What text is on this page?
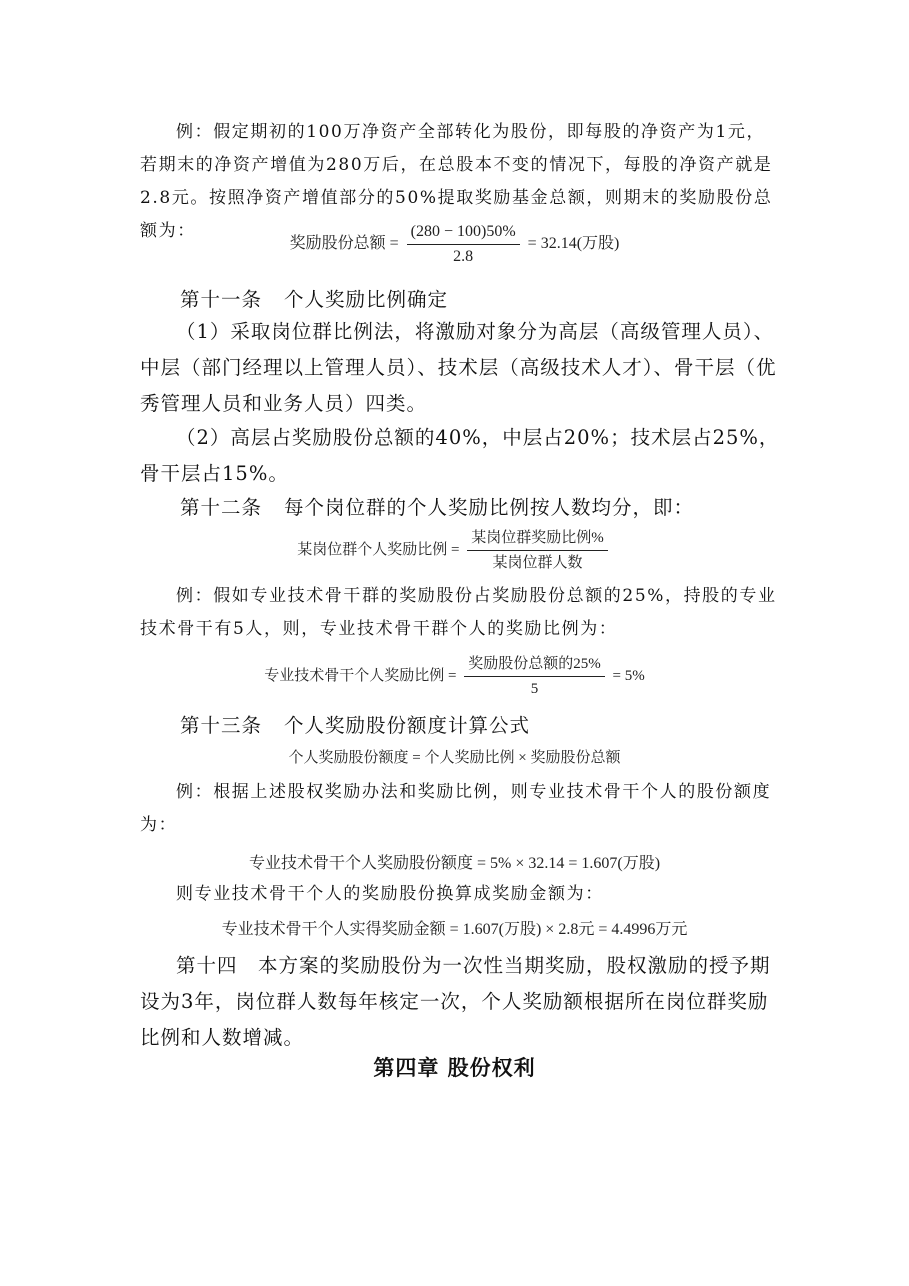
例：假定期初的100万净资产全部转化为股份，即每股的净资产为1元，若期末的净资产增值为280万后，在总股本不变的情况下，每股的净资产就是2.8元。按照净资产增值部分的50%提取奖励基金总额，则期末的奖励股份总额为：

奖励股份总额 = $\frac{(280 - 100)50\%}{2.8} = 32.14$(万股)

第十一条 个人奖励比例确定

（1）采取岗位群比例法，将激励对象分为高层（高级管理人员）、中层（部门经理以上管理人员）、技术层（高级技术人才）、骨干层（优秀管理人员和业务人员）四类。

（2）高层占奖励股份总额的40%，中层占20%；技术层占25%，骨干层占15%。

第十二条 每个岗位群的个人奖励比例按人数均分，即：

某岗位群个人奖励比例 = $\frac{\text{某岗位群奖励比例\%}}{\text{某岗位群人数}}$

例：假如专业技术骨干群的奖励股份占奖励股份总额的25%，持股的专业技术骨干有5人，则，专业技术骨干群个人的奖励比例为：

专业技术骨干个人奖励比例 = $\frac{\text{奖励股份总额的25\%}}{5} = 5\%$

第十三条 个人奖励股份额度计算公式

个人奖励股份额度 = 个人奖励比例 × 奖励股份总额

例：根据上述股权奖励办法和奖励比例，则专业技术骨干个人的股份额度为：

专业技术骨干个人奖励股份额度 = 5% × 32.14 = 1.607(万股)

则专业技术骨干个人的奖励股份换算成奖励金额为：

专业技术骨干个人实得奖励金额 = 1.607(万股) × 2.8元 = 4.4996万元

第十四　本方案的奖励股份为一次性当期奖励，股权激励的授予期设为3年，岗位群人数每年核定一次，个人奖励额根据所在岗位群奖励比例和人数增减。

第四章 股份权利
